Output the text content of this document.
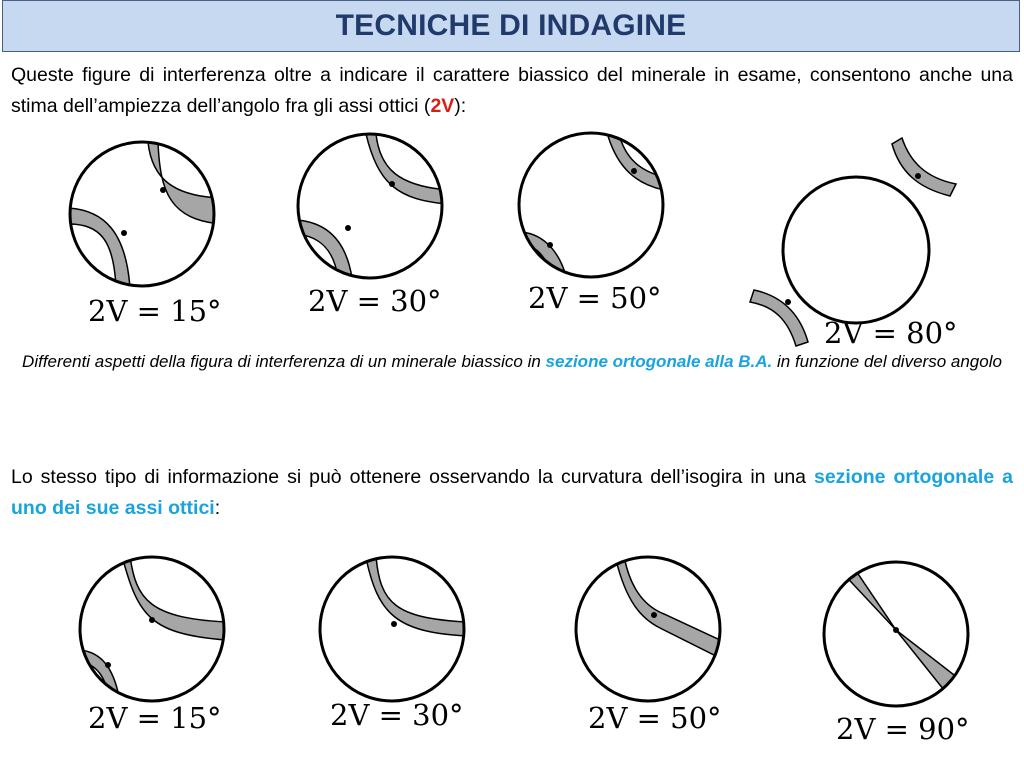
TECNICHE DI INDAGINE
Queste figure di interferenza oltre a indicare il carattere biassico del minerale in esame, consentono anche una stima dell’ampiezza dell’angolo fra gli assi ottici (2V):
2V = 15°	2V = 30°	2V = 50°
2V = 80°
2V = 15°	2V = 30°	2V = 50°	2V = 90°
Differenti aspetti della figura di interferenza di un minerale biassico in sezione ortogonale alla B.A. in funzione del diverso angolo
Lo stesso tipo di informazione si può ottenere osservando la curvatura dell’isogira in una sezione ortogonale a uno dei sue assi ottici:
